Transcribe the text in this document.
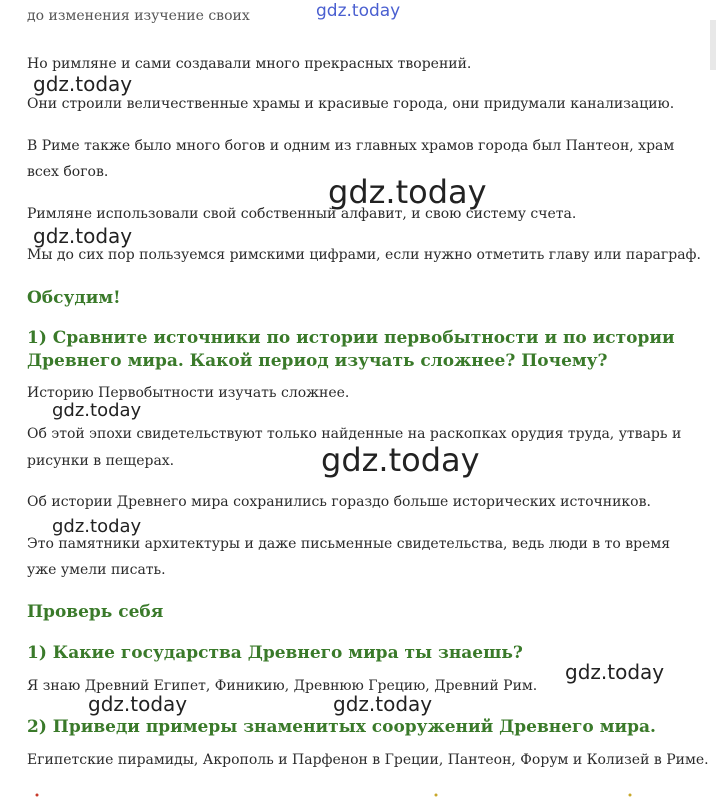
до изменения изучение своих

Но римляне и сами создавали много прекрасных творений.

Они строили величественные храмы и красивые города, они придумали канализацию.

В Риме также было много богов и одним из главных храмов города был Пантеон, храм

всех богов.

Римляне использовали свой собственный алфавит, и свою систему счета.

Мы до сих пор пользуемся римскими цифрами, если нужно отметить главу или параграф.

Обсудим!
1) Сравните источники по истории первобытности и по истории
Древнего мира. Какой период изучать сложнее? Почему?

Историю Первобытности изучать сложнее.

Об этой эпохи свидетельствуют только найденные на раскопках орудия труда, утварь и

рисунки в пещерах.

Об истории Древнего мира сохранились гораздо больше исторических источников.

Это памятники архитектуры и даже письменные свидетельства, ведь люди в то время

уже умели писать.

Проверь себя
1) Какие государства Древнего мира ты знаешь?

Я знаю Древний Египет, Финикию, Древнюю Грецию, Древний Рим.

2) Приведи примеры знаменитых сооружений Древнего мира.

Египетские пирамиды, Акрополь и Парфенон в Греции, Пантеон, Форум и Колизей в Риме.

gdz.today
gdz.today
gdz.today
gdz.today
gdz.today
gdz.today
gdz.today
gdz.today
gdz.today	gdz.today
